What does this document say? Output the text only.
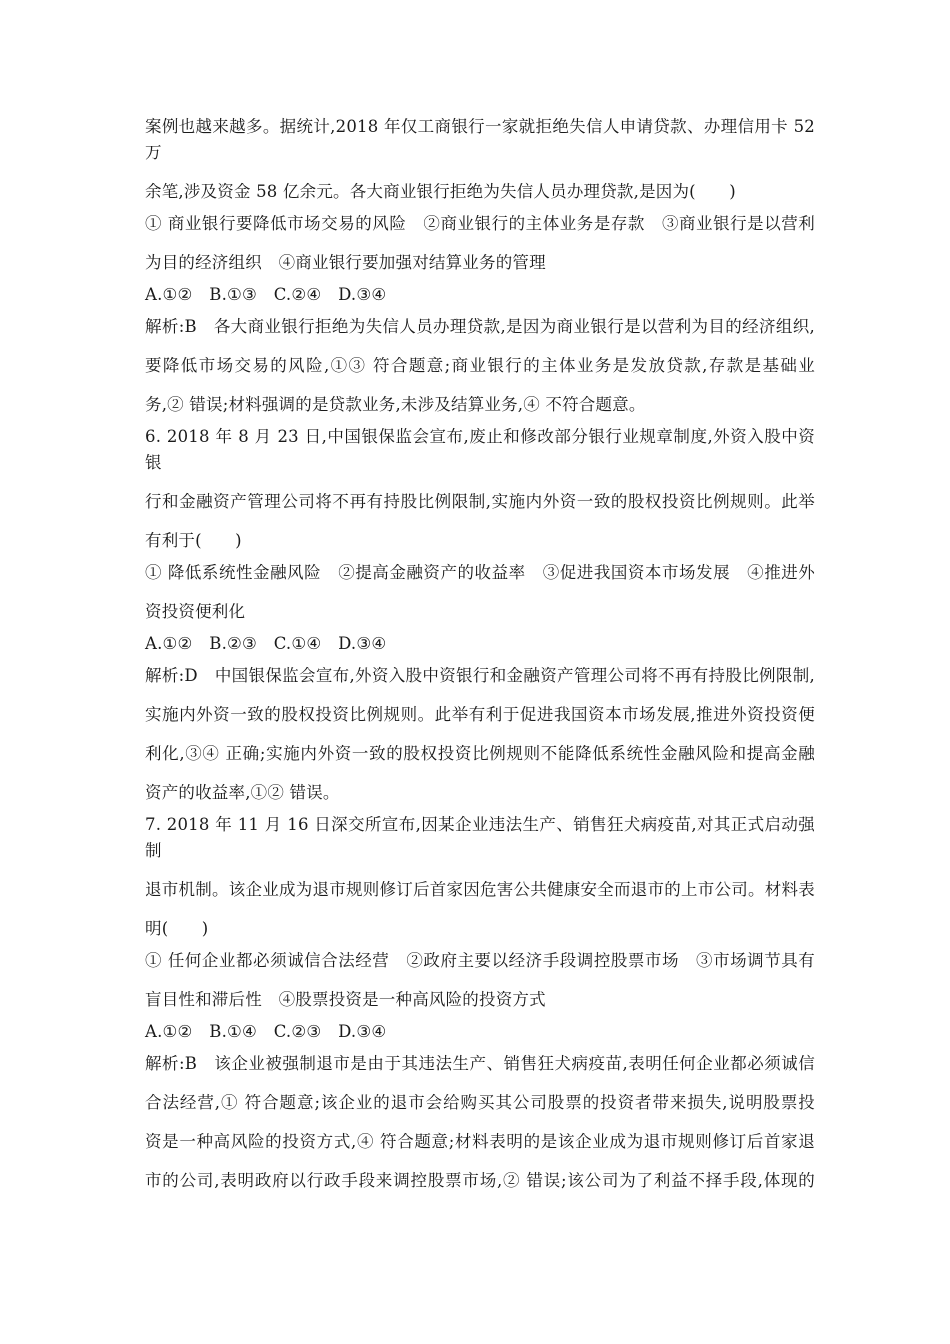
案例也越来越多。据统计,2018 年仅工商银行一家就拒绝失信人申请贷款、办理信用卡 52 万
余笔,涉及资金 58 亿余元。各大商业银行拒绝为失信人员办理贷款,是因为(　　)
① 商业银行要降低市场交易的风险　②商业银行的主体业务是存款　③商业银行是以营利
为目的经济组织　④商业银行要加强对结算业务的管理
A.①②　B.①③　C.②④　D.③④
解析:B　各大商业银行拒绝为失信人员办理贷款,是因为商业银行是以营利为目的经济组织,
要降低市场交易的风险,①③ 符合题意;商业银行的主体业务是发放贷款,存款是基础业
务,② 错误;材料强调的是贷款业务,未涉及结算业务,④ 不符合题意。
6. 2018 年 8 月 23 日,中国银保监会宣布,废止和修改部分银行业规章制度,外资入股中资银
行和金融资产管理公司将不再有持股比例限制,实施内外资一致的股权投资比例规则。此举
有利于(　　)
① 降低系统性金融风险　②提高金融资产的收益率　③促进我国资本市场发展　④推进外
资投资便利化
A.①②　B.②③　C.①④　D.③④
解析:D　中国银保监会宣布,外资入股中资银行和金融资产管理公司将不再有持股比例限制,
实施内外资一致的股权投资比例规则。此举有利于促进我国资本市场发展,推进外资投资便
利化,③④ 正确;实施内外资一致的股权投资比例规则不能降低系统性金融风险和提高金融
资产的收益率,①② 错误。
7. 2018 年 11 月 16 日深交所宣布,因某企业违法生产、销售狂犬病疫苗,对其正式启动强制
退市机制。该企业成为退市规则修订后首家因危害公共健康安全而退市的上市公司。材料表
明(　　)
① 任何企业都必须诚信合法经营　②政府主要以经济手段调控股票市场　③市场调节具有
盲目性和滞后性　④股票投资是一种高风险的投资方式
A.①②　B.①④　C.②③　D.③④
解析:B　该企业被强制退市是由于其违法生产、销售狂犬病疫苗,表明任何企业都必须诚信
合法经营,① 符合题意;该企业的退市会给购买其公司股票的投资者带来损失,说明股票投
资是一种高风险的投资方式,④ 符合题意;材料表明的是该企业成为退市规则修订后首家退
市的公司,表明政府以行政手段来调控股票市场,② 错误;该公司为了利益不择手段,体现的
